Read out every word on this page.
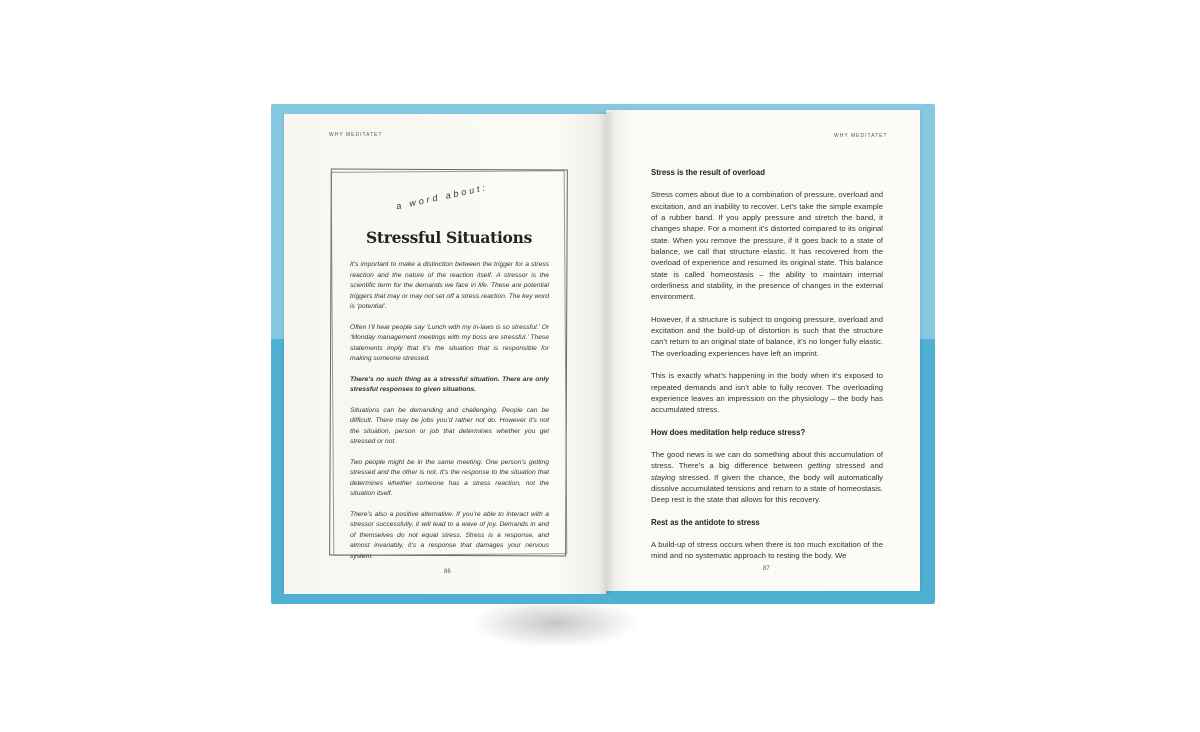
WHY MEDITATE?
a word about:
Stressful Situations

It’s important to make a distinction between the trigger for a stress reaction and the nature of the reaction itself. A stressor is the scientific term for the demands we face in life. These are potential triggers that may or may not set off a stress reaction. The key word is ‘potential’.

Often I’ll hear people say ‘Lunch with my in-laws is so stressful.’ Or ‘Monday management meetings with my boss are stressful.’ These statements imply that it’s the situation that is responsible for making someone stressed.

There’s no such thing as a stressful situation. There are only stressful responses to given situations.

Situations can be demanding and challenging. People can be difficult. There may be jobs you’d rather not do. However it’s not the situation, person or job that determines whether you get stressed or not.

Two people might be in the same meeting. One person’s getting stressed and the other is not. It’s the response to the situation that determines whether someone has a stress reaction, not the situation itself.

There’s also a positive alternative. If you’re able to interact with a stressor successfully, it will lead to a wave of joy. Demands in and of themselves do not equal stress. Stress is a response, and almost invariably, it’s a response that damages your nervous system.

86
WHY MEDITATE?
Stress is the result of overload

Stress comes about due to a combination of pressure, overload and excitation, and an inability to recover. Let’s take the simple example of a rubber band. If you apply pressure and stretch the band, it changes shape. For a moment it’s distorted compared to its original state. When you remove the pressure, if it goes back to a state of balance, we call that structure elastic. It has recovered from the overload of experience and resumed its original state. This balance state is called homeostasis – the ability to maintain internal orderliness and stability, in the presence of changes in the external environment.

However, if a structure is subject to ongoing pressure, overload and excitation and the build-up of distortion is such that the structure can’t return to an original state of balance, it’s no longer fully elastic. The overloading experiences have left an imprint.

This is exactly what’s happening in the body when it’s exposed to repeated demands and isn’t able to fully recover. The overloading experience leaves an impression on the physiology – the body has accumulated stress.

How does meditation help reduce stress?

The good news is we can do something about this accumulation of stress. There’s a big difference between getting stressed and staying stressed. If given the chance, the body will automatically dissolve accumulated tensions and return to a state of homeostasis. Deep rest is the state that allows for this recovery.

Rest as the antidote to stress

A build-up of stress occurs when there is too much excitation of the mind and no systematic approach to resting the body. We

87
